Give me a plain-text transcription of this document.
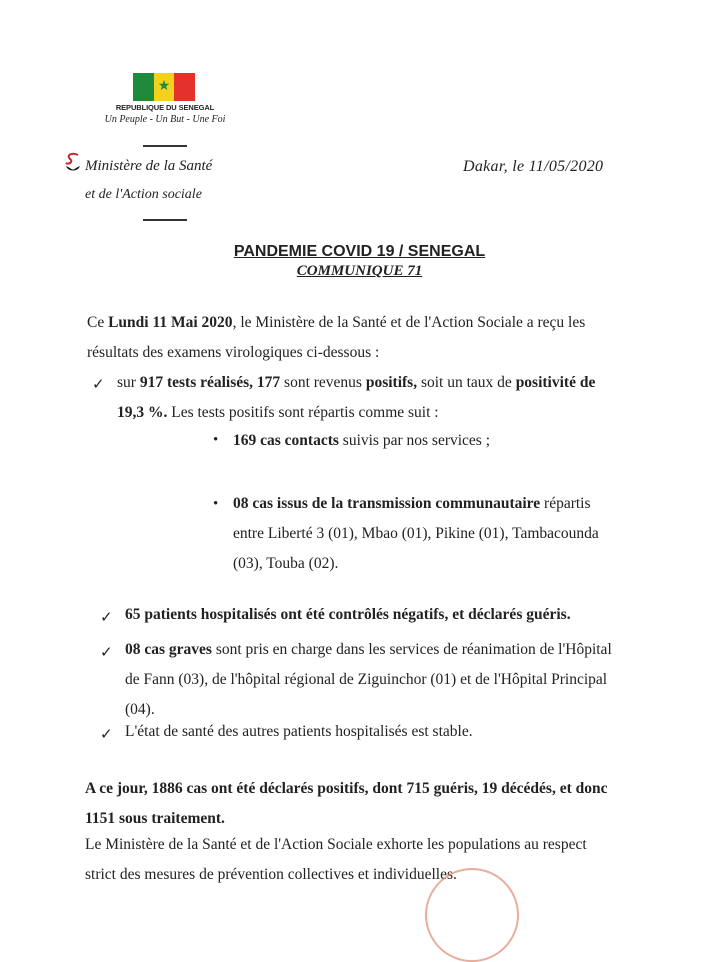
★
REPUBLIQUE DU SENEGAL
Un Peuple - Un But - Une Foi
Ministère de la Santé
et de l'Action sociale
Dakar, le 11/05/2020
PANDEMIE COVID 19 / SENEGAL
COMMUNIQUE 71
Ce Lundi 11 Mai 2020, le Ministère de la Santé et de l'Action Sociale a reçu les
résultats des examens virologiques ci-dessous :
✓ sur 917 tests réalisés, 177 sont revenus positifs, soit un taux de positivité de
19,3 %. Les tests positifs sont répartis comme suit :
• 169 cas contacts suivis par nos services ;
• 08 cas issus de la transmission communautaire répartis
entre Liberté 3 (01), Mbao (01), Pikine (01), Tambacounda
(03), Touba (02).
✓ 65 patients hospitalisés ont été contrôlés négatifs, et déclarés guéris.
✓ 08 cas graves sont pris en charge dans les services de réanimation de l'Hôpital
de Fann (03), de l'hôpital régional de Ziguinchor (01) et de l'Hôpital Principal
(04).
✓ L'état de santé des autres patients hospitalisés est stable.
A ce jour, 1886 cas ont été déclarés positifs, dont 715 guéris, 19 décédés, et donc
1151 sous traitement.
Le Ministère de la Santé et de l'Action Sociale exhorte les populations au respect
strict des mesures de prévention collectives et individuelles.
